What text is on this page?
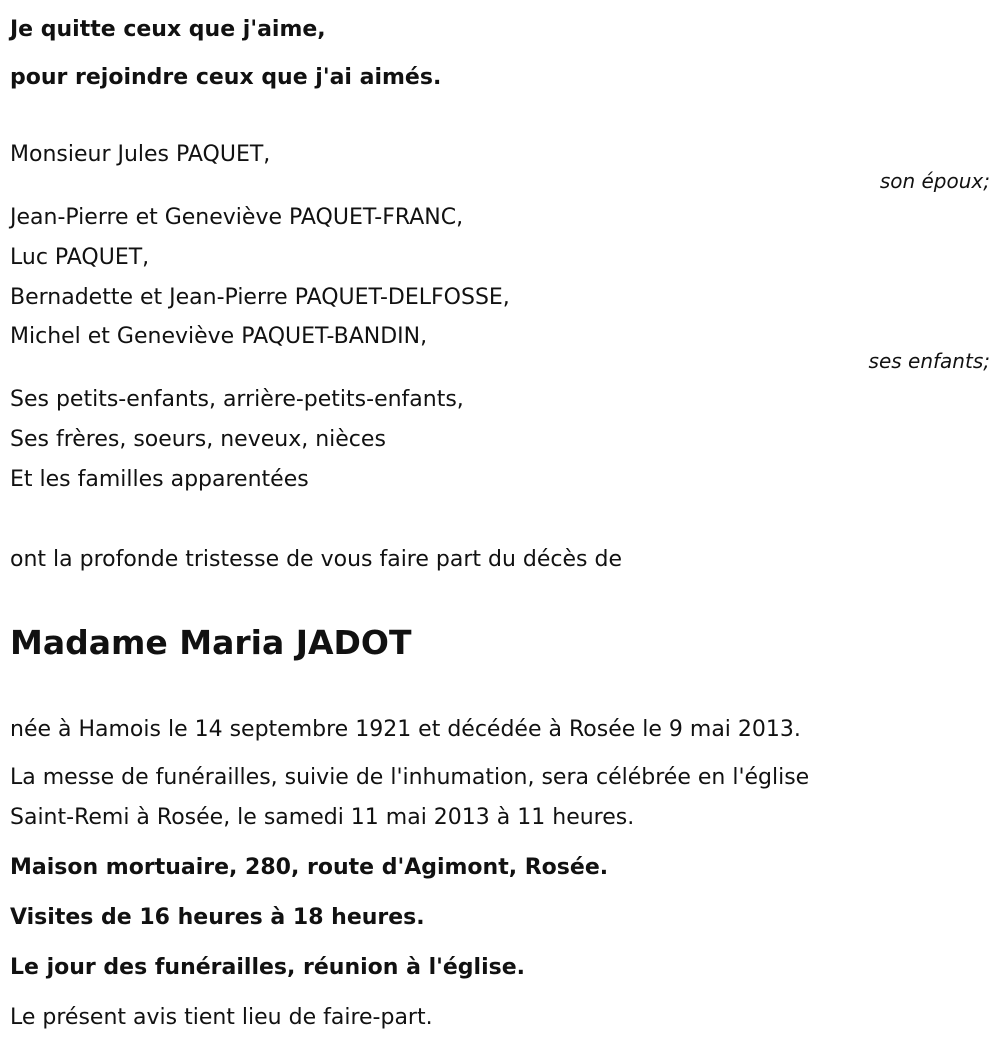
Je quitte ceux que j'aime,
pour rejoindre ceux que j'ai aimés.
Monsieur Jules PAQUET,
son époux;
Jean-Pierre et Geneviève PAQUET-FRANC,
Luc PAQUET,
Bernadette et Jean-Pierre PAQUET-DELFOSSE,
Michel et Geneviève PAQUET-BANDIN,
ses enfants;
Ses petits-enfants, arrière-petits-enfants,
Ses frères, soeurs, neveux, nièces
Et les familles apparentées
ont la profonde tristesse de vous faire part du décès de
Madame Maria JADOT
née à Hamois le 14 septembre 1921 et décédée à Rosée le 9 mai 2013.
La messe de funérailles, suivie de l'inhumation, sera célébrée en l'église
Saint-Remi à Rosée, le samedi 11 mai 2013 à 11 heures.
Maison mortuaire, 280, route d'Agimont, Rosée.
Visites de 16 heures à 18 heures.
Le jour des funérailles, réunion à l'église.
Le présent avis tient lieu de faire-part.
